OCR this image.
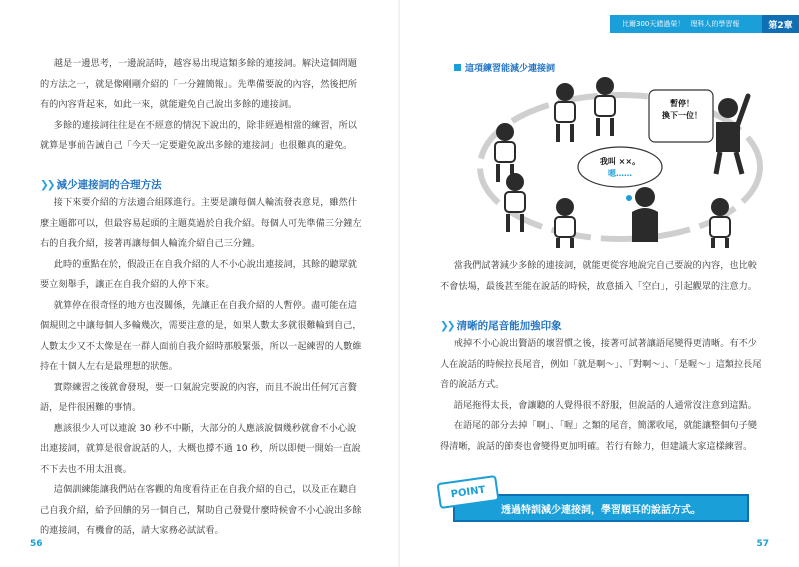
越是一邊思考，一邊說話時，越容易出現這類多餘的連接詞。解決這個問題的方法之一，就是像剛剛介紹的「一分鐘簡報」。先準備要說的內容，然後把所有的內容背起來，如此一來，就能避免自己說出多餘的連接詞。

多餘的連接詞往往是在不經意的情況下說出的，除非經過相當的練習，所以就算是事前告誡自己「今天一定要避免說出多餘的連接詞」也很難真的避免。

❯❯ 減少連接詞的合理方法

接下來要介紹的方法適合組隊進行。主要是讓每個人輪流發表意見，雖然什麼主題都可以，但最容易起頭的主題莫過於自我介紹。每個人可先準備三分鐘左右的自我介紹，接著再讓每個人輪流介紹自己三分鐘。

此時的重點在於，假設正在自我介紹的人不小心說出連接詞，其餘的聽眾就要立刻舉手，讓正在自我介紹的人停下來。

就算停在很奇怪的地方也沒關係，先讓正在自我介紹的人暫停。盡可能在這個規則之中讓每個人多輪幾次，需要注意的是，如果人數太多就很難輪到自己，人數太少又不太像是在一群人面前自我介紹時那般緊張，所以一起練習的人數維持在十個人左右是最理想的狀態。

實際練習之後就會發現，要一口氣說完要說的內容，而且不說出任何冗言贅語，是件很困難的事情。

應該很少人可以連說 30 秒不中斷，大部分的人應該說個幾秒就會不小心說出連接詞，就算是很會說話的人，大概也撐不過 10 秒，所以即便一開始一直說不下去也不用太沮喪。

這個訓練能讓我們站在客觀的角度看待正在自我介紹的自己，以及正在聽自己自我介紹，給予回饋的另一個自己，幫助自己發覺什麼時候會不小心說出多餘的連接詞，有機會的話，請大家務必試試看。

56
比爾300天錯過榮！ 理科人的學習報	第2章
這項練習能減少連接詞
暫停！
換下一位！
我叫 ××。
嗯……

當我們試著減少多餘的連接詞，就能更從容地說完自己要說的內容，也比較不會怯場，最後甚至能在說話的時候，故意插入「空白」，引起觀眾的注意力。

❯❯ 清晰的尾音能加強印象

戒掉不小心說出贅語的壞習慣之後，接著可試著讓語尾變得更清晰。有不少人在說話的時候拉長尾音，例如「就是啊～」、「對啊～」、「是喔～」這類拉長尾音的說話方式。

語尾拖得太長，會讓聽的人覺得很不舒服，但說話的人通常沒注意到這點。

在語尾的部分去掉「啊」、「喔」之類的尾音，簡潔收尾，就能讓整個句子變得清晰，說話的節奏也會變得更加明確。若行有餘力，但建議大家這樣練習。

57
透過特訓減少連接詞，學習順耳的說話方式。
POINT
